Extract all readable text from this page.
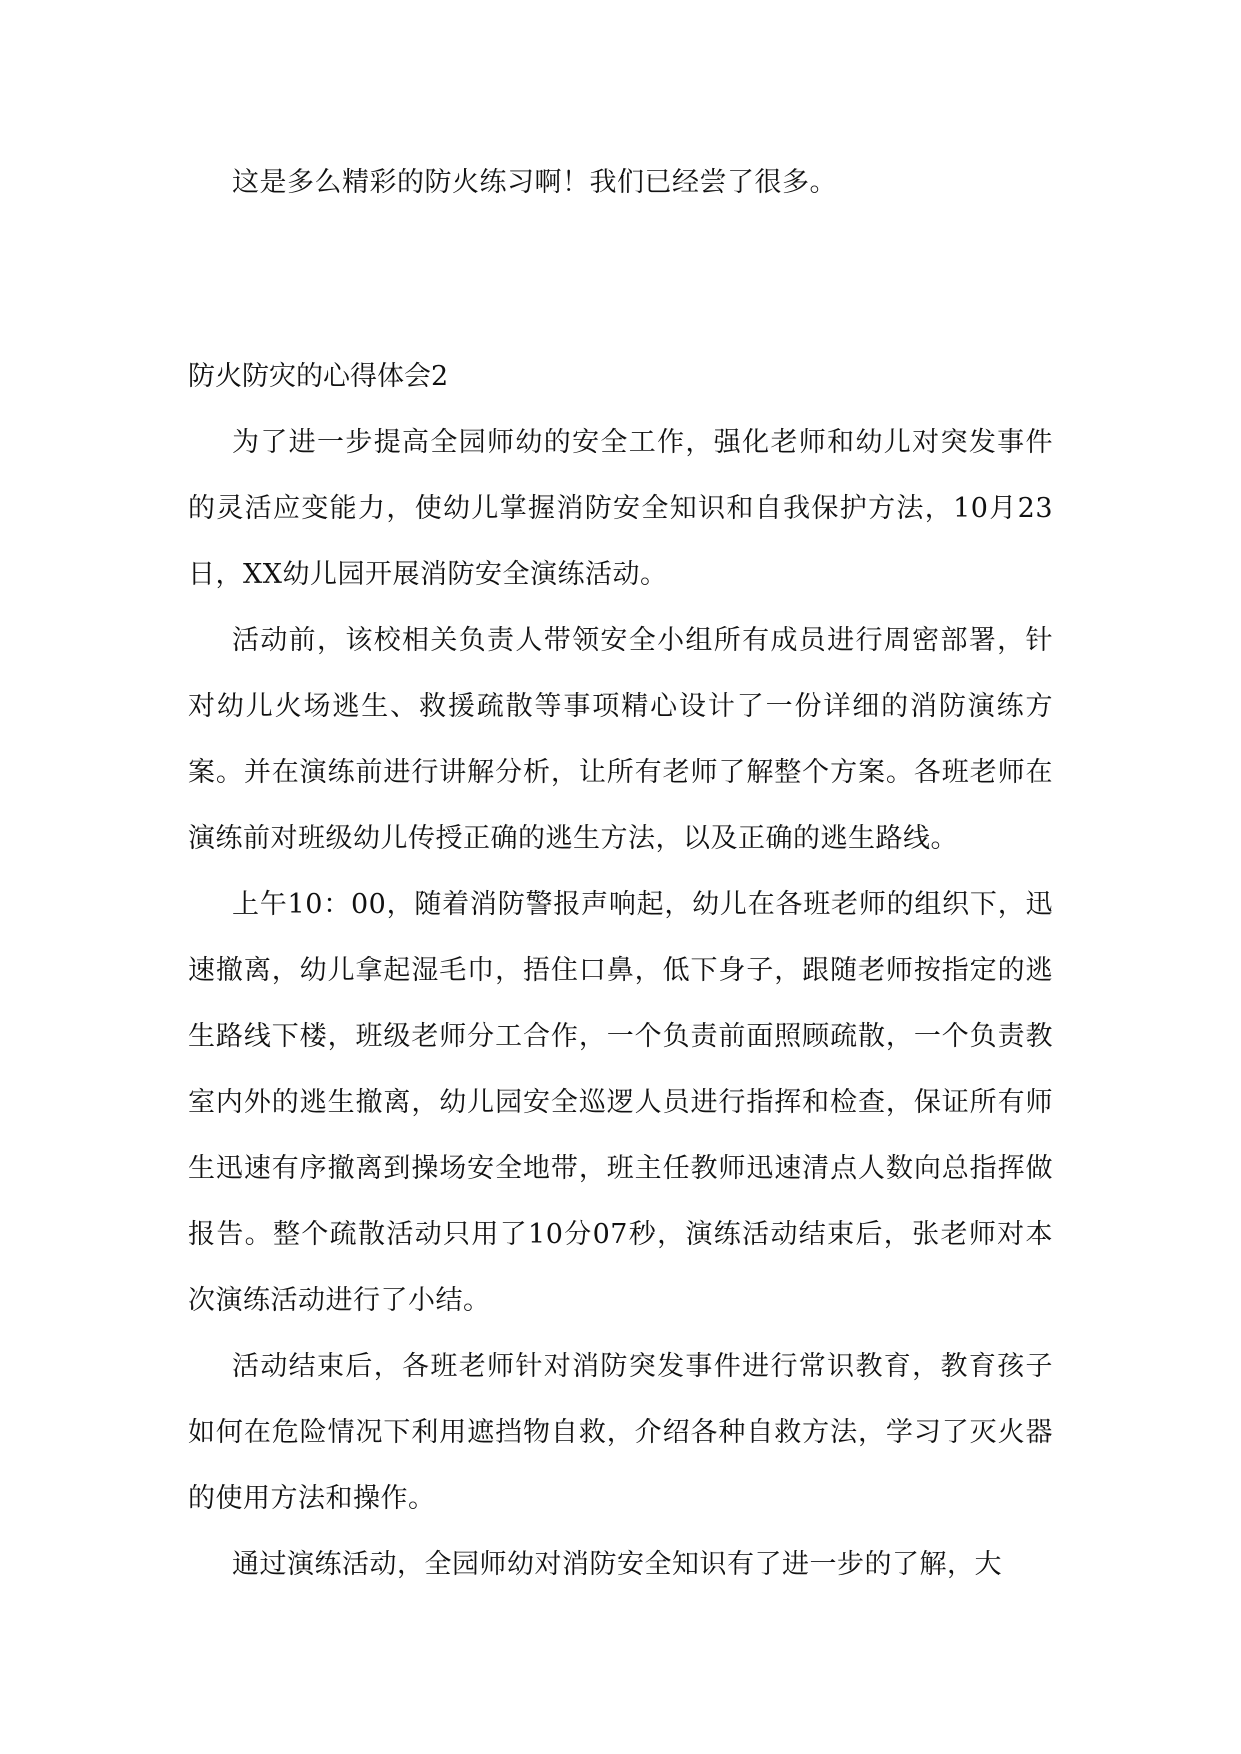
这是多么精彩的防火练习啊！我们已经尝了很多。

防火防灾的心得体会2

为了进一步提高全园师幼的安全工作，强化老师和幼儿对突发事件的灵活应变能力，使幼儿掌握消防安全知识和自我保护方法，10月23日，XX幼儿园开展消防安全演练活动。

活动前，该校相关负责人带领安全小组所有成员进行周密部署，针对幼儿火场逃生、救援疏散等事项精心设计了一份详细的消防演练方案。并在演练前进行讲解分析，让所有老师了解整个方案。各班老师在演练前对班级幼儿传授正确的逃生方法，以及正确的逃生路线。

上午10：00，随着消防警报声响起，幼儿在各班老师的组织下，迅速撤离，幼儿拿起湿毛巾，捂住口鼻，低下身子，跟随老师按指定的逃生路线下楼，班级老师分工合作，一个负责前面照顾疏散，一个负责教室内外的逃生撤离，幼儿园安全巡逻人员进行指挥和检查，保证所有师生迅速有序撤离到操场安全地带，班主任教师迅速清点人数向总指挥做报告。整个疏散活动只用了10分07秒，演练活动结束后，张老师对本次演练活动进行了小结。

活动结束后，各班老师针对消防突发事件进行常识教育，教育孩子如何在危险情况下利用遮挡物自救，介绍各种自救方法，学习了灭火器的使用方法和操作。

通过演练活动，全园师幼对消防安全知识有了进一步的了解，大
